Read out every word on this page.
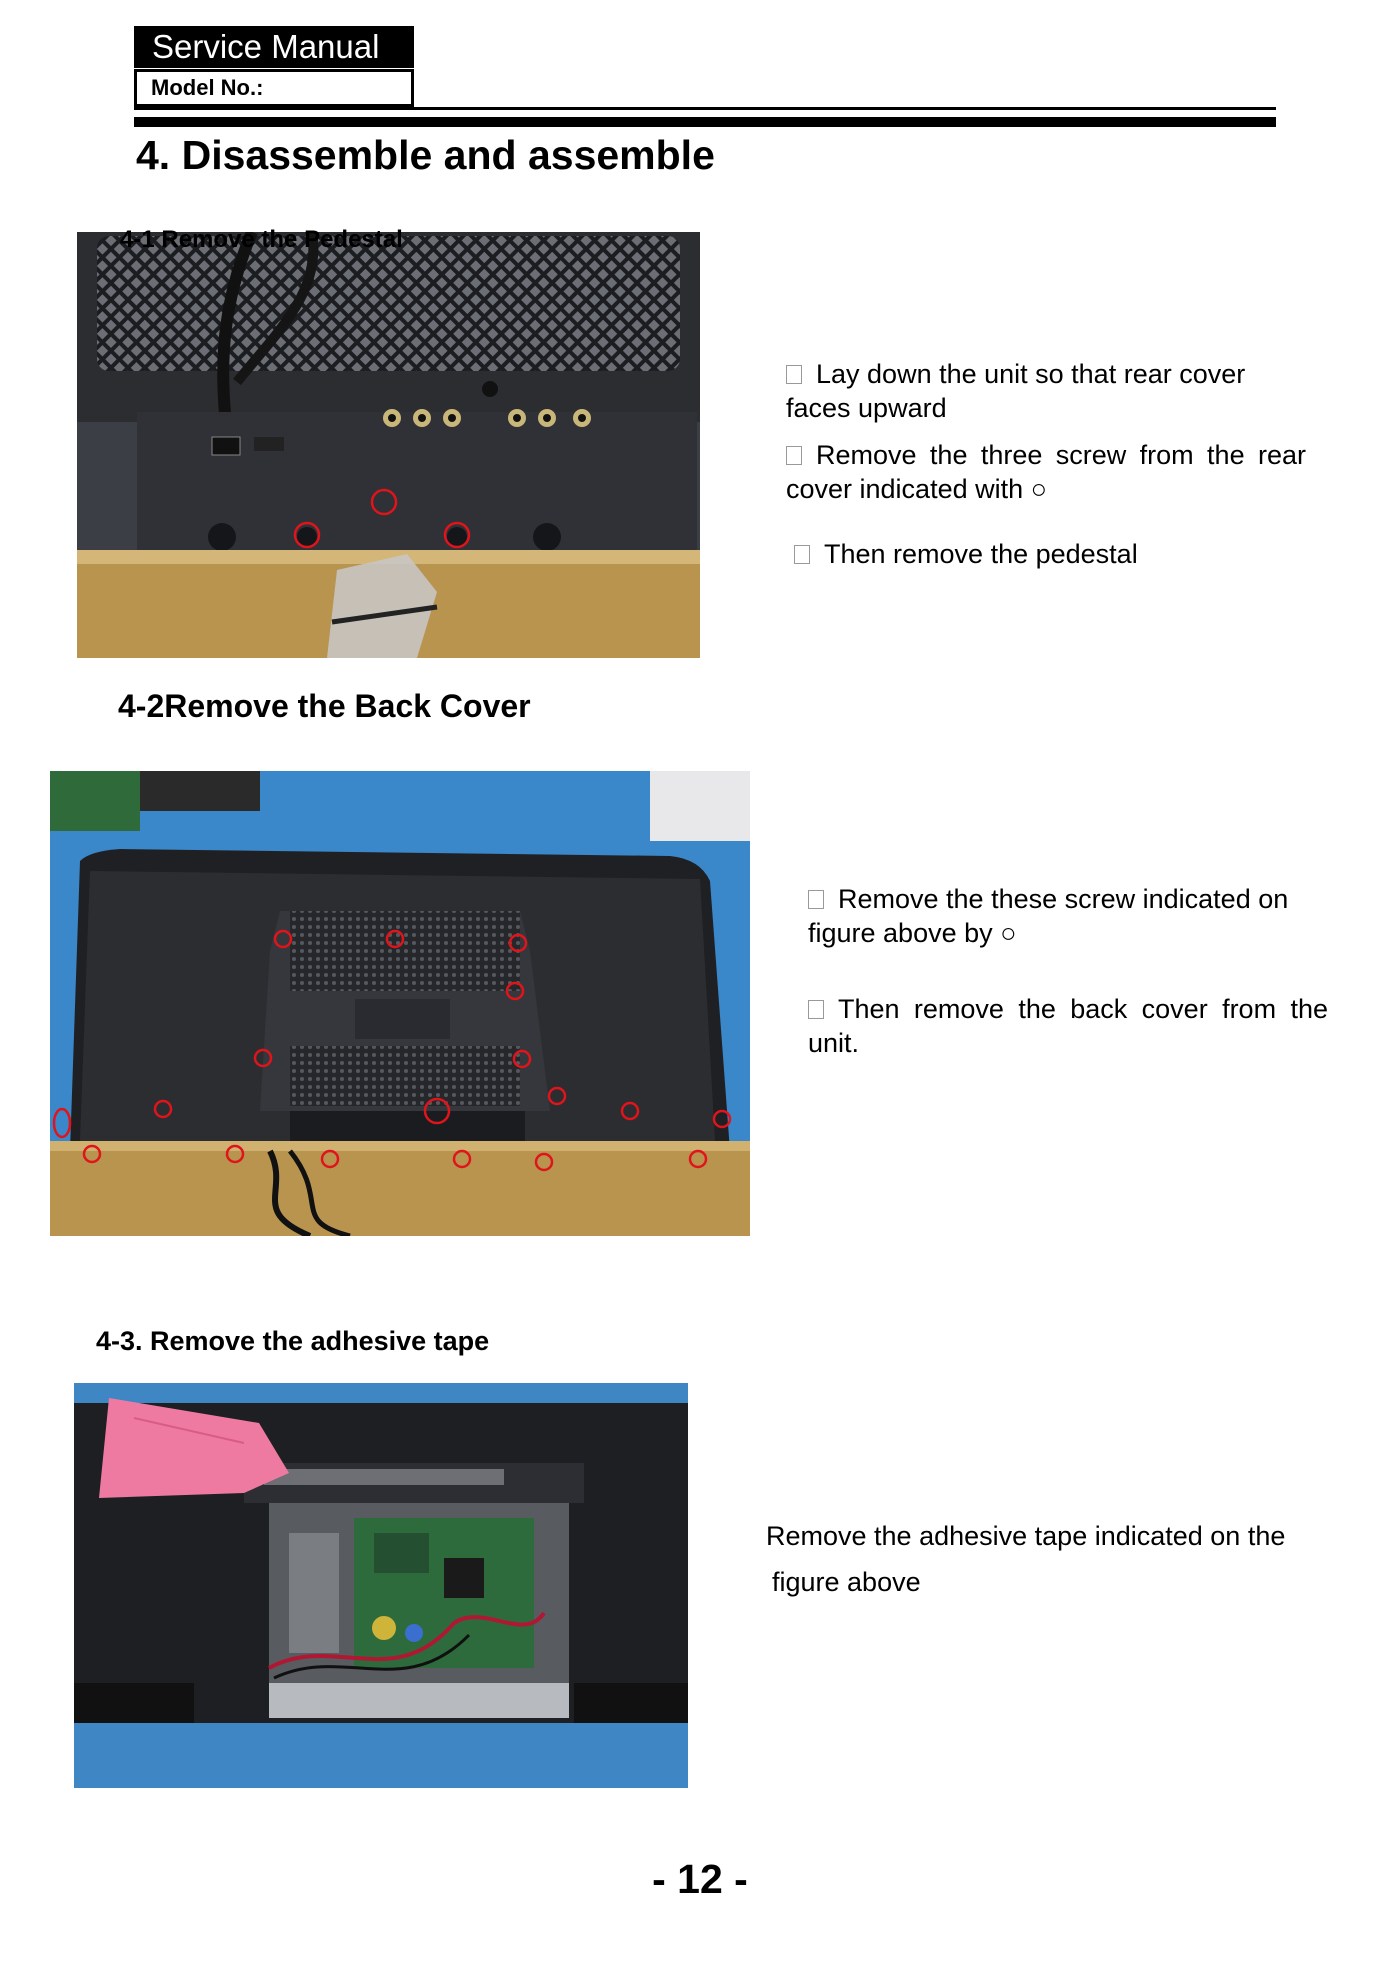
Service Manual
Model No.:
4. Disassemble and assemble
4-1 Remove the Pedestal
Lay down the unit so that rear cover faces upward
Remove the three screw from the rear cover indicated with ○
Then remove the pedestal
4-2Remove the Back Cover
Remove the these screw indicated on figure above by ○
Then remove the back cover from the unit.
4-3. Remove the adhesive tape
Remove the adhesive tape indicated on the
figure above
- 12 -
